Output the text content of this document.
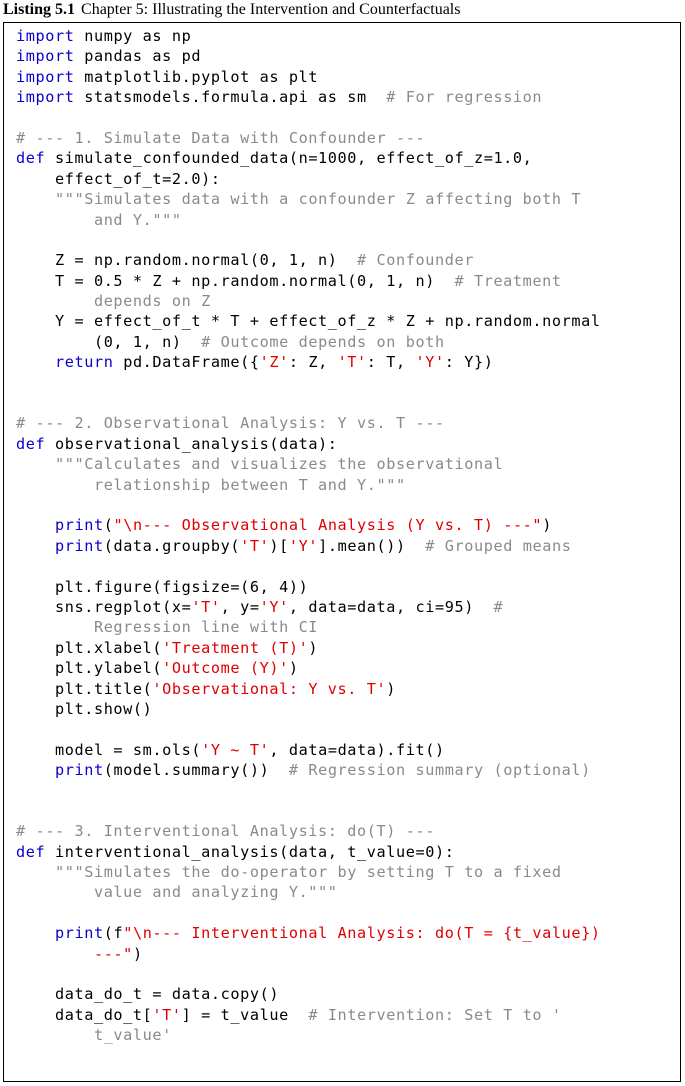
Listing 5.1 Chapter 5: Illustrating the Intervention and Counterfactuals
import numpy as np
import pandas as pd
import matplotlib.pyplot as plt
import statsmodels.formula.api as sm  # For regression
# --- 1. Simulate Data with Confounder ---
def simulate_confounded_data(n=1000, effect_of_z=1.0,
effect_of_t=2.0):
"""Simulates data with a confounder Z affecting both T
and Y."""
Z = np.random.normal(0, 1, n)  # Confounder
T = 0.5 * Z + np.random.normal(0, 1, n)  # Treatment
depends on Z
Y = effect_of_t * T + effect_of_z * Z + np.random.normal
(0, 1, n)  # Outcome depends on both
return pd.DataFrame({'Z': Z, 'T': T, 'Y': Y})
# --- 2. Observational Analysis: Y vs. T ---
def observational_analysis(data):
"""Calculates and visualizes the observational
relationship between T and Y."""
print("\n--- Observational Analysis (Y vs. T) ---")
print(data.groupby('T')['Y'].mean())  # Grouped means
plt.figure(figsize=(6, 4))
sns.regplot(x='T', y='Y', data=data, ci=95)  #
Regression line with CI
plt.xlabel('Treatment (T)')
plt.ylabel('Outcome (Y)')
plt.title('Observational: Y vs. T')
plt.show()
model = sm.ols('Y ~ T', data=data).fit()
print(model.summary())  # Regression summary (optional)
# --- 3. Interventional Analysis: do(T) ---
def interventional_analysis(data, t_value=0):
"""Simulates the do-operator by setting T to a fixed
value and analyzing Y."""
print(f"\n--- Interventional Analysis: do(T = {t_value})
---")
data_do_t = data.copy()
data_do_t['T'] = t_value  # Intervention: Set T to '
t_value'
